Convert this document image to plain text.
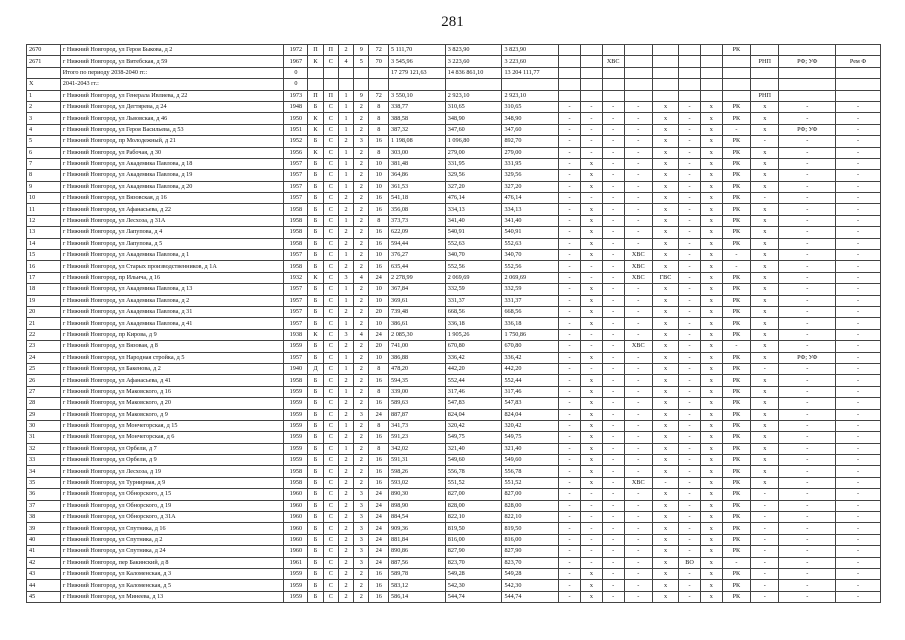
281
2670	г Нижний Новгород, ул Героя Быкова, д 2	1972	П	П	2	9	72	5 111,70	3 823,90	3 823,90								РК			
2671	г Нижний Новгород, ул Витебская, д 59	1967	К	С	4	5	70	3 545,96	3 223,60	3 223,60			ХВС						РНП	РФ; УФ	Рем Ф
	Итого по периоду 2038-2040 гг.:	0						17 279 121,63	14 836 861,10	13 204 111,77											
X	2041-2043 гг.:	0																			
1	г Нижний Новгород, ул Генерала Ивлиева, д 22	1973	П	П	1	9	72	3 550,10	2 923,10	2 923,10									РНП		
2	г Нижний Новгород, ул Дегтярева, д 24	1948	Б	С	1	2	8	338,77	310,65	310,65	-	-	-	-	х	-	х	РК	х	-	-
3	г Нижний Новгород, ул Львовская, д 46	1950	К	С	1	2	8	388,58	348,90	348,90	-	-	-	-	х	-	х	РК	х	-	-
4	г Нижний Новгород, ул Героя Васильева, д 53	1951	К	С	1	2	8	387,32	347,60	347,60	-	-	-	-	х	-	х	-	х	РФ; УФ	-
5	г Нижний Новгород, пр Молодежный, д 21	1952	Б	С	2	3	16	1 198,08	1 096,80	892,70	-	-	-	-	х	-	х	РК	-	-	-
6	г Нижний Новгород, ул Рабочая, д 30	1956	К	С	1	2	8	303,00	279,00	279,00	-	-	-	-	х	-	х	РК	х	-	-
7	г Нижний Новгород, ул Академика Павлова, д 18	1957	Б	С	1	2	10	381,48	331,95	331,95	-	х	-	-	х	-	х	РК	х	-	-
8	г Нижний Новгород, ул Академика Павлова, д 19	1957	Б	С	1	2	10	364,86	329,56	329,56	-	х	-	-	х	-	х	РК	х	-	-
9	г Нижний Новгород, ул Академика Павлова, д 20	1957	Б	С	1	2	10	361,53	327,20	327,20	-	х	-	-	х	-	х	РК	х	-	-
10	г Нижний Новгород, ул Вязовская, д 16	1957	Б	С	2	2	16	541,18	476,14	476,14	-	-	-	-	х	-	х	РК	-	-	-
11	г Нижний Новгород, ул Афанасьева, д 22	1958	Б	С	2	2	16	356,08	334,13	334,13	-	х	-	-	х	-	х	РК	х	-	-
12	г Нижний Новгород, ул Лесхоза, д 31А	1958	Б	С	1	2	8	373,73	341,40	341,40	-	х	-	-	х	-	х	РК	х	-	-
13	г Нижний Новгород, ул Лапупова, д 4	1958	Б	С	2	2	16	622,09	540,91	540,91	-	х	-	-	х	-	х	РК	х	-	-
14	г Нижний Новгород, ул Лапупова, д 5	1958	Б	С	2	2	16	594,44	552,63	552,63	-	х	-	-	х	-	х	РК	х	-	-
15	г Нижний Новгород, ул Академика Павлова, д 1	1957	Б	С	1	2	10	376,27	340,70	340,70	-	х	-	ХВС	х	-	х	-	х	-	-
16	г Нижний Новгород, ул Старых производственников, д 1А	1958	Б	С	2	2	16	635,44	552,56	552,56	-	-	-	ХВС	х	-	х	-	х	-	-
17	г Нижний Новгород, пр Ильича, д 16	1932	К	С	3	4	24	2 278,99	2 069,69	2 069,69	-	-	-	ХВС	ГВС	-	х	РК	х	-	-
18	г Нижний Новгород, ул Академика Павлова, д 13	1957	Б	С	1	2	10	367,84	332,59	332,59	-	х	-	-	х	-	х	РК	х	-	-
19	г Нижний Новгород, ул Академика Павлова, д 2	1957	Б	С	1	2	10	369,61	331,37	331,37	-	х	-	-	х	-	х	РК	х	-	-
20	г Нижний Новгород, ул Академика Павлова, д 31	1957	Б	С	2	2	20	739,48	668,56	668,56	-	х	-	-	х	-	х	РК	х	-	-
21	г Нижний Новгород, ул Академика Павлова, д 41	1957	Б	С	1	2	10	386,61	336,18	336,18	-	х	-	-	х	-	х	РК	х	-	-
22	г Нижний Новгород, пр Кирова, д 9	1938	К	С	3	4	24	2 085,30	1 905,26	1 750,86	-	-	-	-	х	-	х	РК	х	-	-
23	г Нижний Новгород, ул Вязовая, д 8	1959	Б	С	2	2	20	741,00	670,80	670,80	-	-	-	ХВС	х	-	х	-	х	-	-
24	г Нижний Новгород, ул Народная стройка, д 5	1957	Б	С	1	2	10	386,88	336,42	336,42	-	х	-	-	х	-	х	РК	х	РФ; УФ	-
25	г Нижний Новгород, ул Бакенова, д 2	1940	Д	С	1	2	8	478,20	442,20	442,20	-	-	-	-	х	-	х	РК	-	-	-
26	г Нижний Новгород, ул Афанасьева, д 41	1958	Б	С	2	2	16	594,35	552,44	552,44	-	х	-	-	х	-	х	РК	х	-	-
27	г Нижний Новгород, ул Маковского, д 16	1959	Б	С	1	2	8	339,00	317,46	317,46	-	х	-	-	х	-	х	РК	х	-	-
28	г Нижний Новгород, ул Маковского, д 20	1959	Б	С	2	2	16	589,63	547,83	547,83	-	х	-	-	х	-	х	РК	х	-	-
29	г Нижний Новгород, ул Маковского, д 9	1959	Б	С	2	3	24	887,87	824,04	824,04	-	х	-	-	х	-	х	РК	х	-	-
30	г Нижний Новгород, ул Мончегорская, д 15	1959	Б	С	1	2	8	341,73	320,42	320,42	-	х	-	-	х	-	х	РК	х	-	-
31	г Нижний Новгород, ул Мончегорская, д 6	1959	Б	С	2	2	16	591,23	549,75	549,75	-	х	-	-	х	-	х	РК	х	-	-
32	г Нижний Новгород, ул Орбели, д 7	1959	Б	С	1	2	8	342,02	321,40	321,40	-	х	-	-	х	-	х	РК	х	-	-
33	г Нижний Новгород, ул Орбели, д 9	1959	Б	С	2	2	16	591,31	549,60	549,60	-	х	-	-	х	-	х	РК	х	-	-
34	г Нижний Новгород, ул Лесхоза, д 19	1958	Б	С	2	2	16	598,26	556,78	556,78	-	х	-	-	х	-	х	РК	х	-	-
35	г Нижний Новгород, ул Турнирная, д 9	1958	Б	С	2	2	16	593,02	551,52	551,52	-	х	-	ХВС	-	-	х	РК	х	-	-
36	г Нижний Новгород, ул Обнорского, д 15	1960	Б	С	2	3	24	890,30	827,00	827,00	-	-	-	-	х	-	х	РК	-	-	-
37	г Нижний Новгород, ул Обнорского, д 19	1960	Б	С	2	3	24	898,90	828,00	828,00	-	-	-	-	х	-	х	РК	-	-	-
38	г Нижний Новгород, ул Обнорского, д 31А	1960	Б	С	2	3	24	884,54	822,10	822,10	-	-	-	-	х	-	х	РК	-	-	-
39	г Нижний Новгород, ул Спутника, д 16	1960	Б	С	2	3	24	909,36	819,50	819,50	-	-	-	-	х	-	х	РК	-	-	-
40	г Нижний Новгород, ул Спутника, д 2	1960	Б	С	2	3	24	881,84	816,00	816,00	-	-	-	-	х	-	х	РК	-	-	-
41	г Нижний Новгород, ул Спутника, д 24	1960	Б	С	2	3	24	890,86	827,90	827,90	-	-	-	-	х	-	х	РК	-	-	-
42	г Нижний Новгород, пер Бакинский, д 8	1961	Б	С	2	3	24	887,56	823,70	823,70	-	-	-	-	х	ВО	х	-	-	-	-
43	г Нижний Новгород, ул Каломенская, д 3	1959	Б	С	2	2	16	589,78	549,28	549,28	-	х	-	-	х	-	х	РК	-	-	-
44	г Нижний Новгород, ул Каломенская, д 5	1959	Б	С	2	2	16	583,12	542,30	542,30	-	х	-	-	х	-	х	РК	-	-	-
45	г Нижний Новгород, ул Минеева, д 13	1959	Б	С	2	2	16	586,14	544,74	544,74	-	х	-	-	х	-	х	РК	-	-	-
